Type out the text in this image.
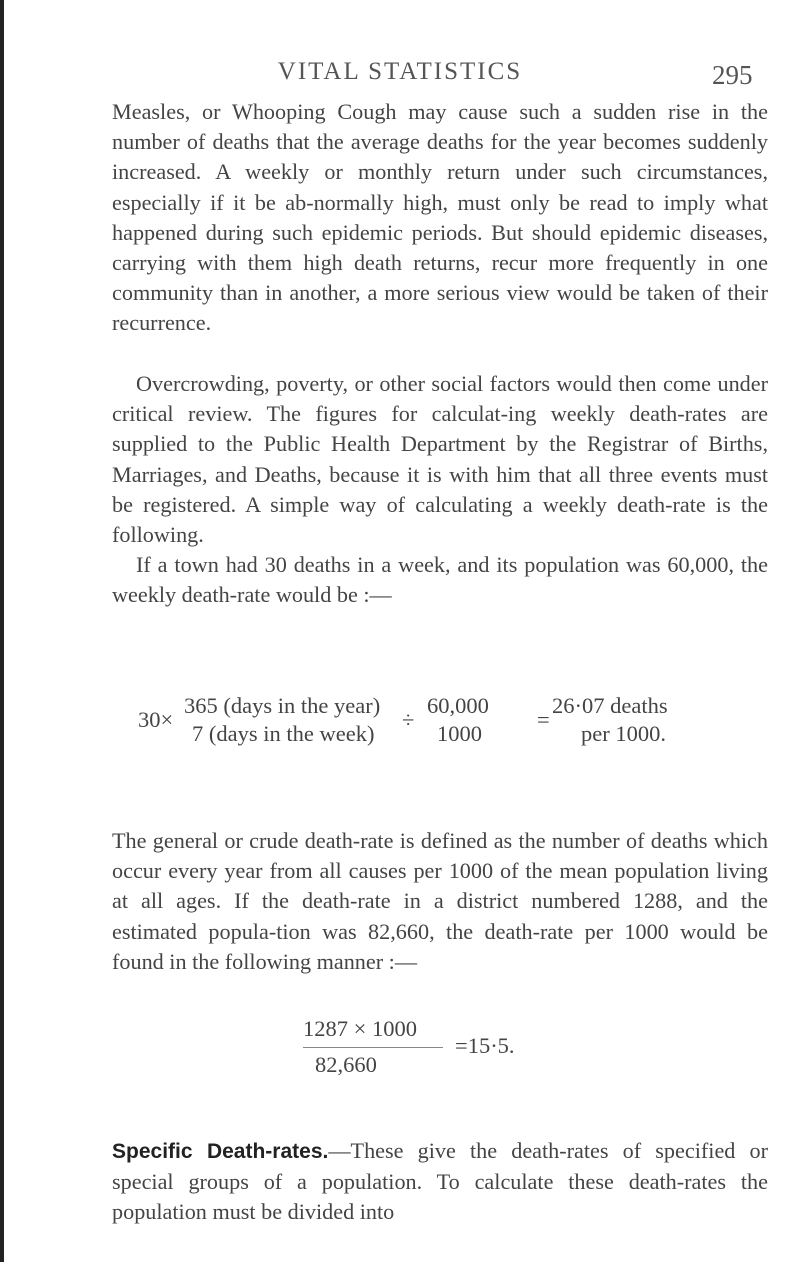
VITAL STATISTICS	295

Measles, or Whooping Cough may cause such a sudden rise in the number of deaths that the average deaths for the year becomes suddenly increased. A weekly or monthly return under such circumstances, especially if it be ab-normally high, must only be read to imply what happened during such epidemic periods. But should epidemic diseases, carrying with them high death returns, recur more frequently in one community than in another, a more serious view would be taken of their recurrence.

Overcrowding, poverty, or other social factors would then come under critical review. The figures for calculat-ing weekly death-rates are supplied to the Public Health Department by the Registrar of Births, Marriages, and Deaths, because it is with him that all three events must be registered. A simple way of calculating a weekly death-rate is the following.

If a town had 30 deaths in a week, and its population was 60,000, the weekly death-rate would be :—

30×
365 (days in the year)
7 (days in the week)
÷
60,000
1000
=
26·07 deaths
per 1000.

The general or crude death-rate is defined as the number of deaths which occur every year from all causes per 1000 of the mean population living at all ages. If the death-rate in a district numbered 1288, and the estimated popula-tion was 82,660, the death-rate per 1000 would be found in the following manner :—

1287 × 1000
82,660
=15·5.

Specific Death-rates.—These give the death-rates of specified or special groups of a population. To calculate these death-rates the population must be divided into
